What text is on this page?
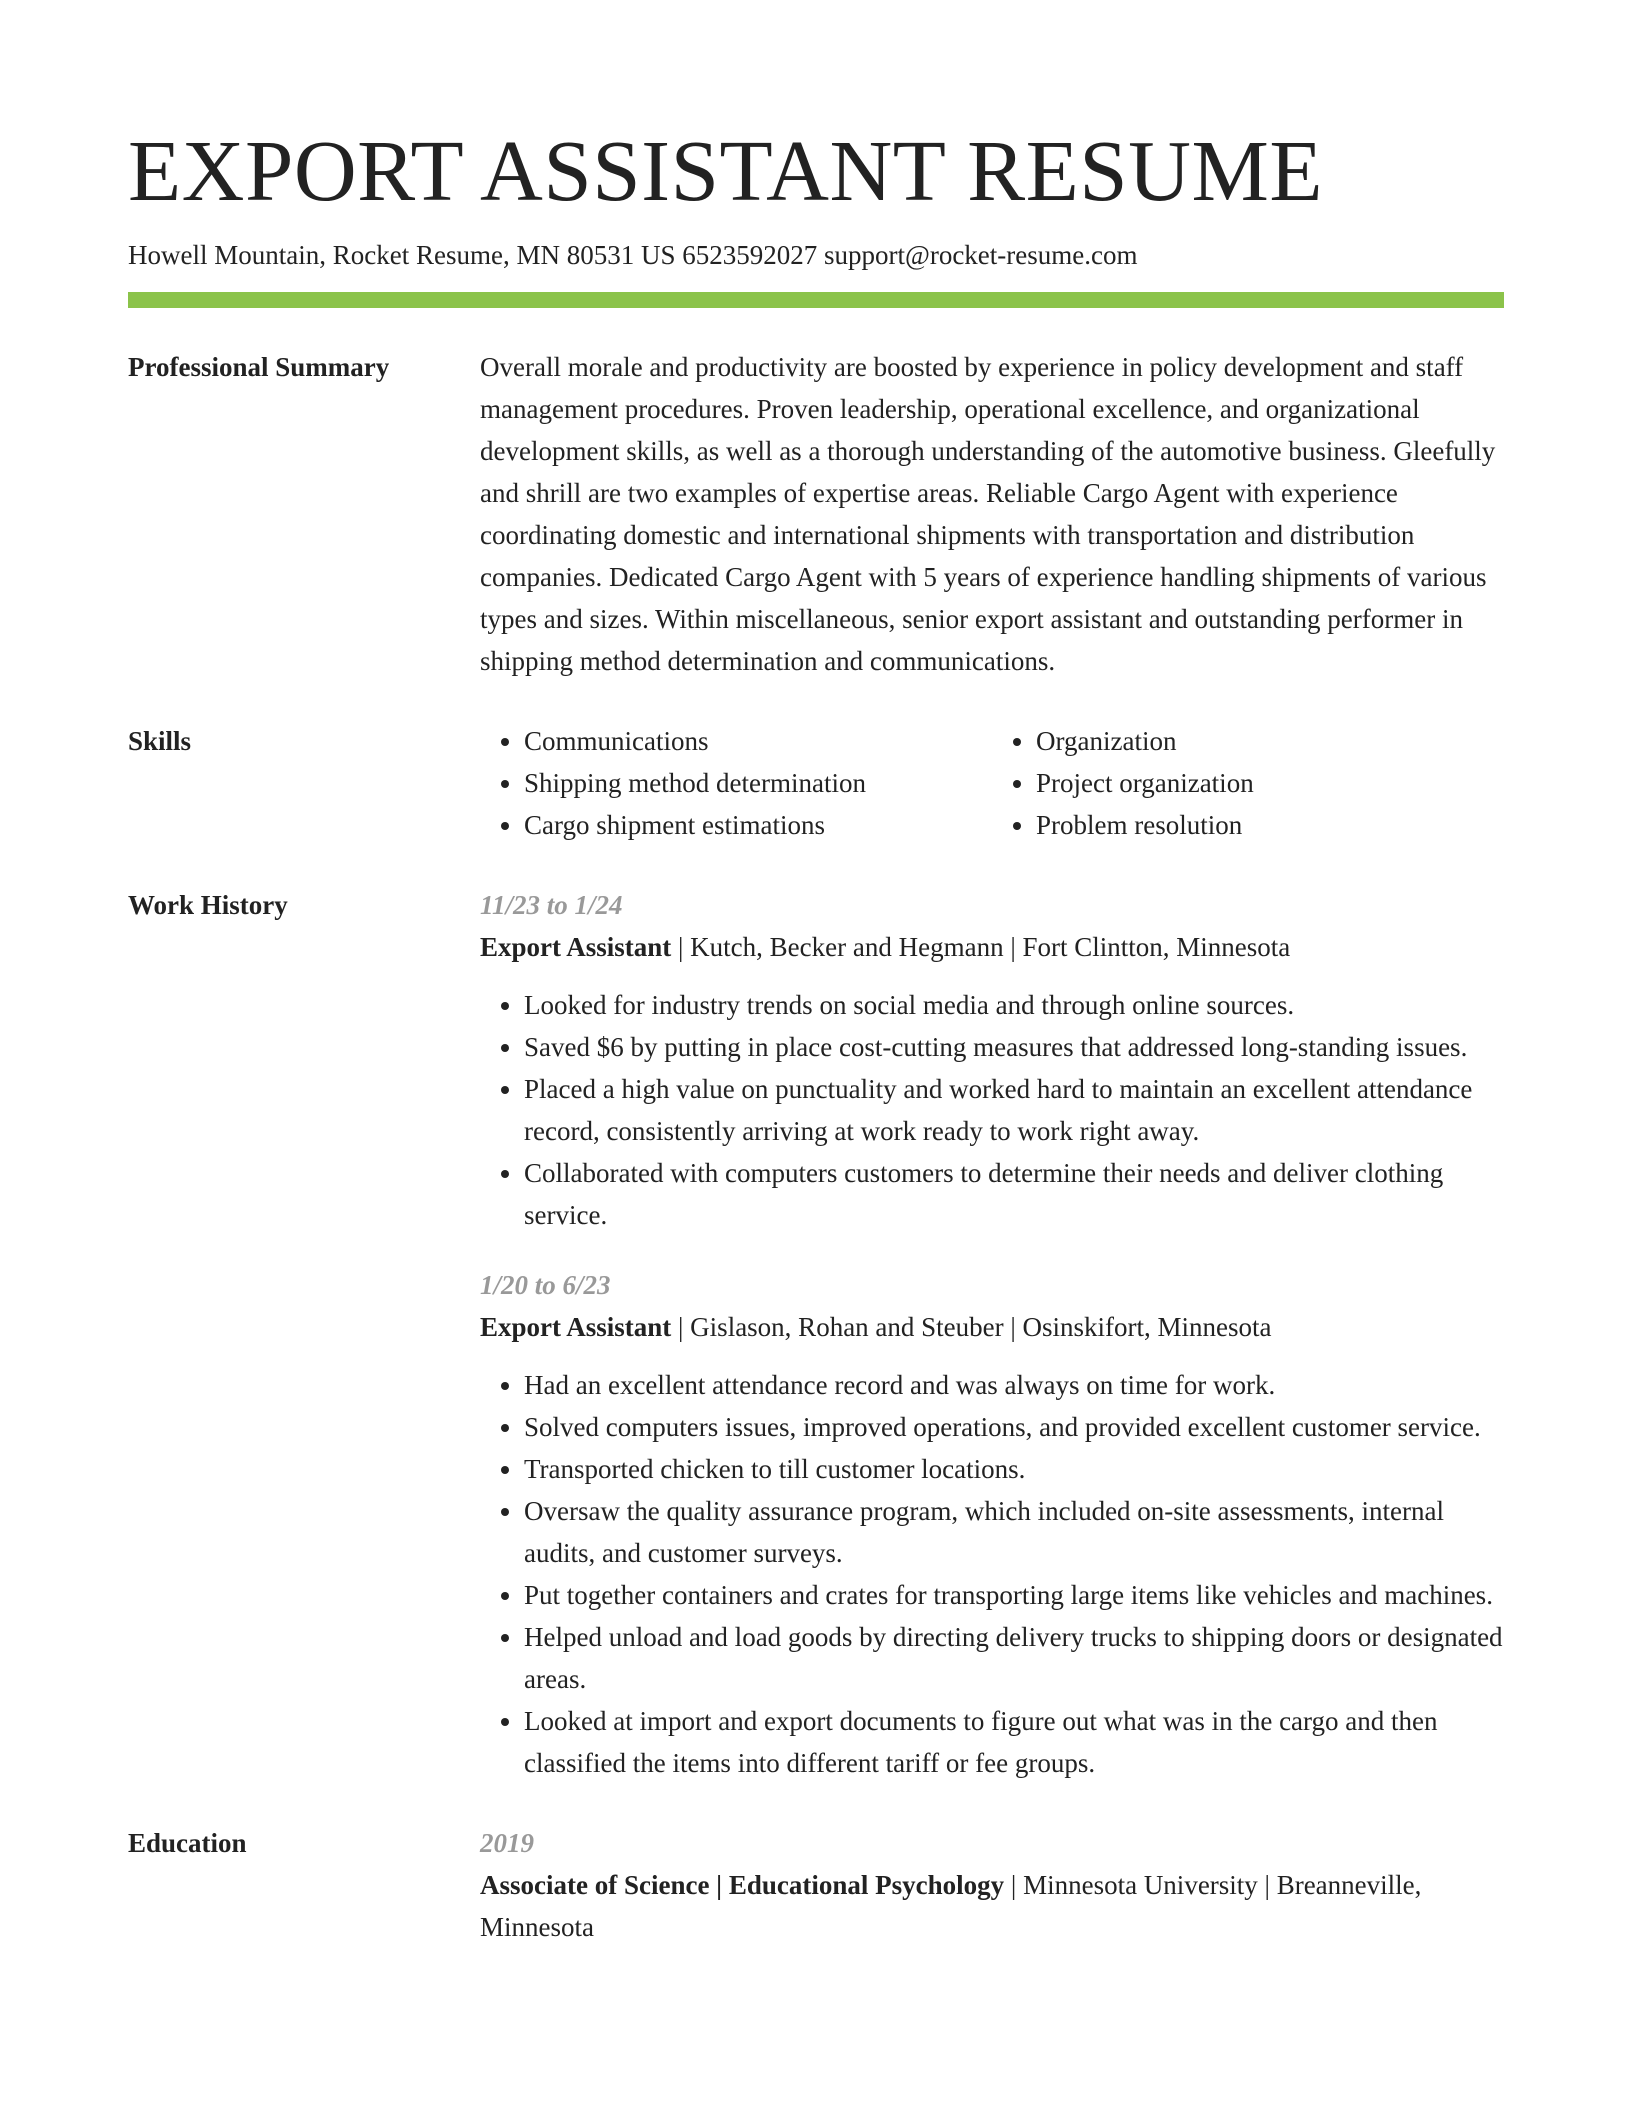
EXPORT ASSISTANT RESUME
Howell Mountain, Rocket Resume, MN 80531 US 6523592027 support@rocket-resume.com
Professional Summary	Overall morale and productivity are boosted by experience in policy development and staff management procedures. Proven leadership, operational excellence, and organizational development skills, as well as a thorough understanding of the automotive business. Gleefully and shrill are two examples of expertise areas. Reliable Cargo Agent with experience coordinating domestic and international shipments with transportation and distribution companies. Dedicated Cargo Agent with 5 years of experience handling shipments of various types and sizes. Within miscellaneous, senior export assistant and outstanding performer in shipping method determination and communications.

Skills
•	Communications
• Shipping method determination
• Cargo shipment estimations
• Organization
• Project organization
• Problem resolution
Work History	11/23 to 1/24
Export Assistant | Kutch, Becker and Hegmann | Fort Clintton, Minnesota
• Looked for industry trends on social media and through online sources.
• Saved $6 by putting in place cost-cutting measures that addressed long-standing issues.
• Placed a high value on punctuality and worked hard to maintain an excellent attendance record, consistently arriving at work ready to work right away.
• Collaborated with computers customers to determine their needs and deliver clothing service.
1/20 to 6/23
Export Assistant | Gislason, Rohan and Steuber | Osinskifort, Minnesota
• Had an excellent attendance record and was always on time for work.
• Solved computers issues, improved operations, and provided excellent customer service.
• Transported chicken to till customer locations.
• Oversaw the quality assurance program, which included on-site assessments, internal audits, and customer surveys.
• Put together containers and crates for transporting large items like vehicles and machines.
• Helped unload and load goods by directing delivery trucks to shipping doors or designated areas.
• Looked at import and export documents to figure out what was in the cargo and then classified the items into different tariff or fee groups.
Education	2019
Associate of Science | Educational Psychology | Minnesota University | Breanneville, Minnesota
